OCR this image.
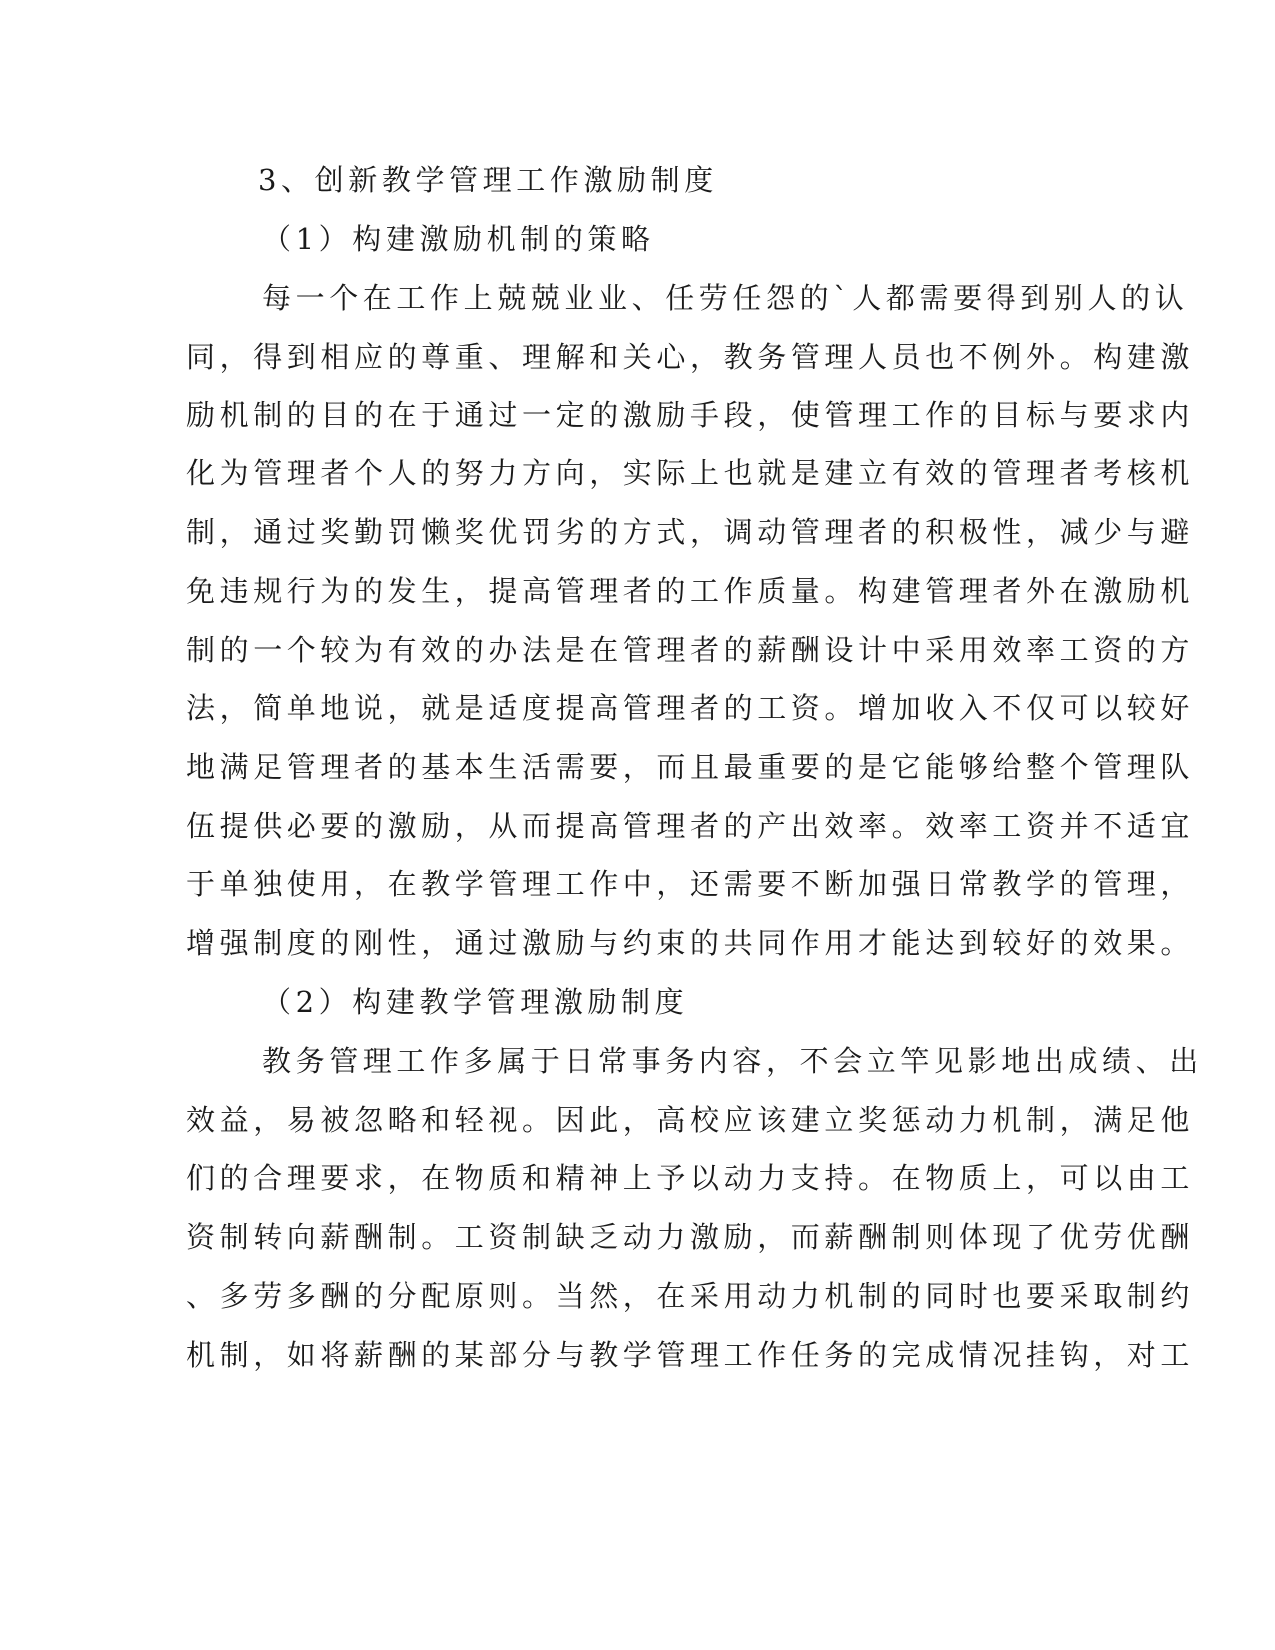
3、创新教学管理工作激励制度
（1）构建激励机制的策略
每一个在工作上兢兢业业、任劳任怨的`人都需要得到别人的认
同，得到相应的尊重、理解和关心，教务管理人员也不例外。构建激
励机制的目的在于通过一定的激励手段，使管理工作的目标与要求内
化为管理者个人的努力方向，实际上也就是建立有效的管理者考核机
制，通过奖勤罚懒奖优罚劣的方式，调动管理者的积极性，减少与避
免违规行为的发生，提高管理者的工作质量。构建管理者外在激励机
制的一个较为有效的办法是在管理者的薪酬设计中采用效率工资的方
法，简单地说，就是适度提高管理者的工资。增加收入不仅可以较好
地满足管理者的基本生活需要，而且最重要的是它能够给整个管理队
伍提供必要的激励，从而提高管理者的产出效率。效率工资并不适宜
于单独使用，在教学管理工作中，还需要不断加强日常教学的管理，
增强制度的刚性，通过激励与约束的共同作用才能达到较好的效果。
（2）构建教学管理激励制度
教务管理工作多属于日常事务内容，不会立竿见影地出成绩、出
效益，易被忽略和轻视。因此，高校应该建立奖惩动力机制，满足他
们的合理要求，在物质和精神上予以动力支持。在物质上，可以由工
资制转向薪酬制。工资制缺乏动力激励，而薪酬制则体现了优劳优酬
、多劳多酬的分配原则。当然，在采用动力机制的同时也要采取制约
机制，如将薪酬的某部分与教学管理工作任务的完成情况挂钩，对工
